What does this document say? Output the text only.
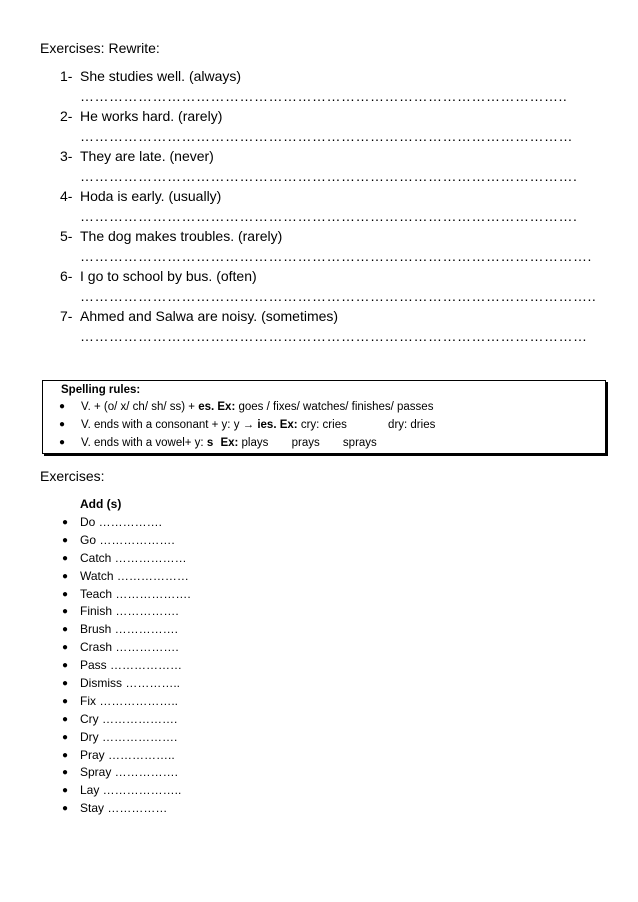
Exercises: Rewrite:
1- She studies well. (always)
………………………………………………………………………………………..
2- He works hard. (rarely)
…………………………………………………………………………………………
3- They are late. (never)
………………………………………………………………………………………….
4- Hoda is early. (usually)
………………………………………………………………………………………….
5- The dog makes troubles. (rarely)
…………………………………………………………………………………………….
6- I go to school by bus. (often)
……………………………………………………………………………………………..
7- Ahmed and Salwa are noisy. (sometimes)
……………………………………………………………………………………………
Spelling rules:
● V. + (o/ x/ ch/ sh/ ss) + es. Ex: goes / fixes/ watches/ finishes/ passes
● V. ends with a consonant + y: y → ies. Ex: cry: cries	dry: dries
● V. ends with a vowel+ y: s Ex: plays prays sprays
Exercises:
Add (s)
● Do …………….
● Go ……………….
● Catch ………………
● Watch ………………
● Teach ……………….
● Finish …………….
● Brush …………….
● Crash …………….
● Pass ………………
● Dismiss …………..
● Fix ………………..
● Cry ……………….
● Dry ……………….
● Pray ……………..
● Spray …………….
● Lay ………………..
● Stay ……………
